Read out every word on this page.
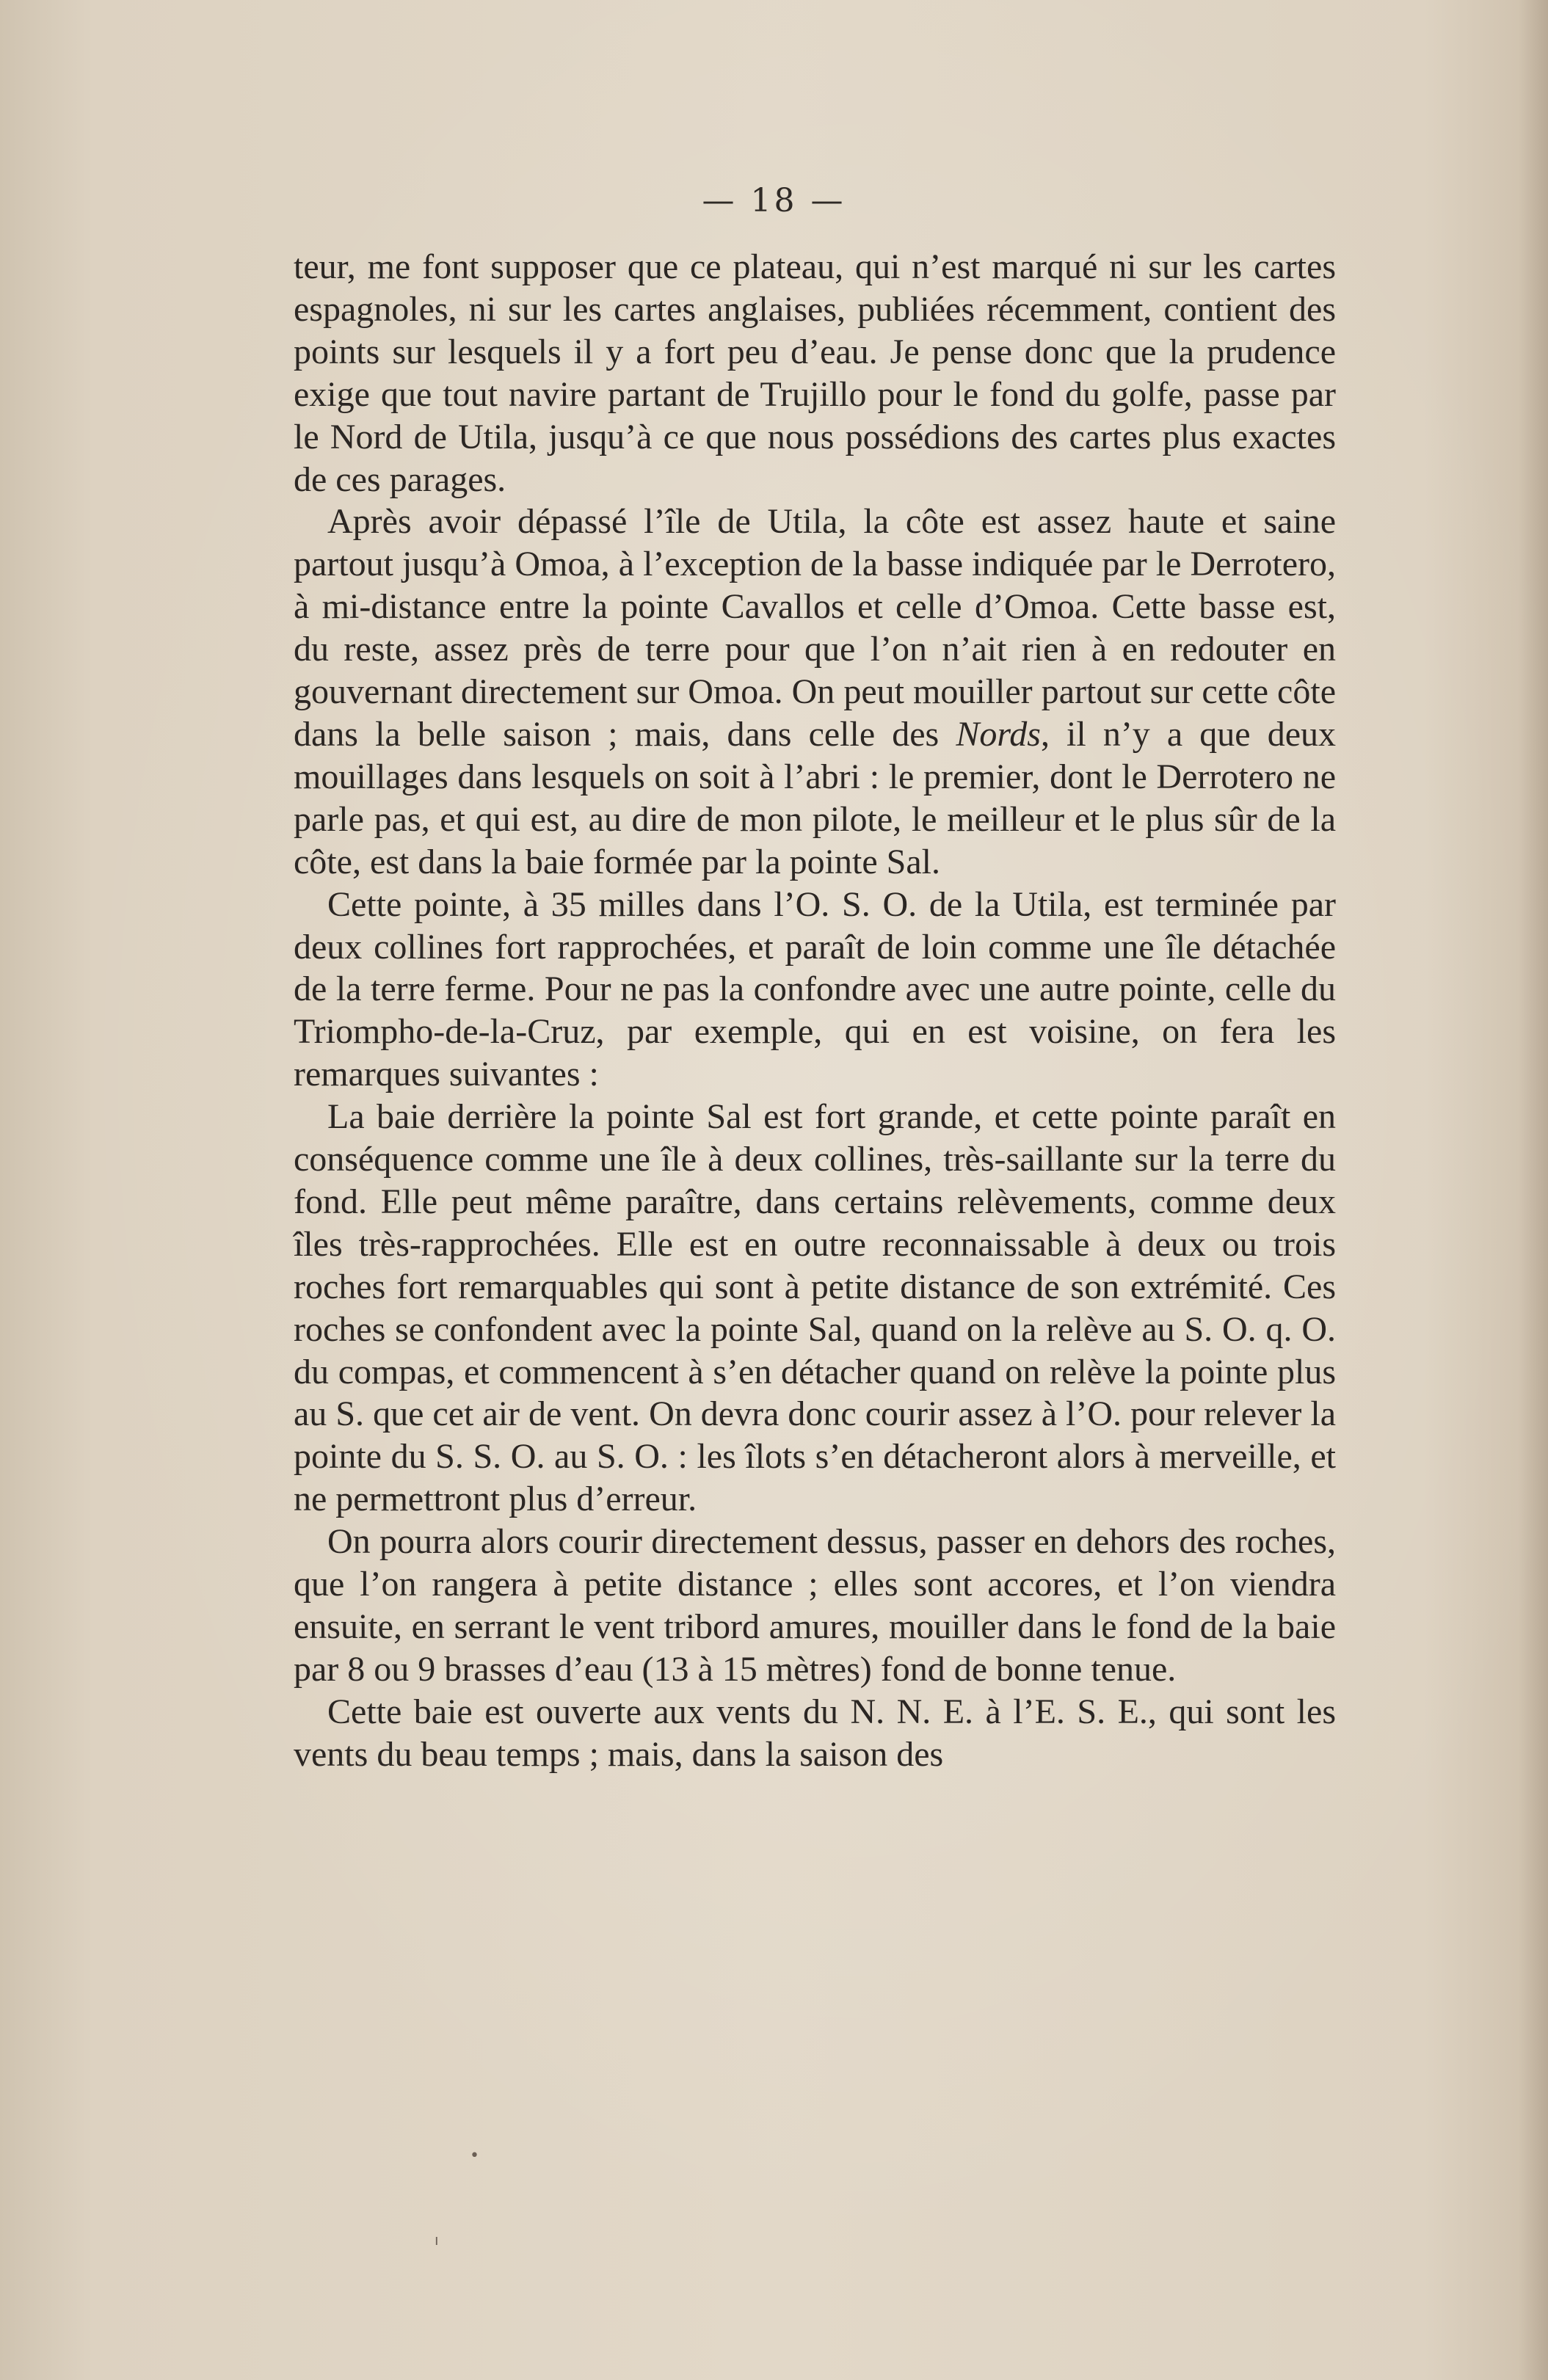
— 18 —

teur, me font supposer que ce plateau, qui n’est marqué ni sur les cartes espagnoles, ni sur les cartes anglaises, publiées récemment, contient des points sur lesquels il y a fort peu d’eau. Je pense donc que la prudence exige que tout navire partant de Trujillo pour le fond du golfe, passe par le Nord de Utila, jusqu’à ce que nous possédions des cartes plus exactes de ces parages.

Après avoir dépassé l’île de Utila, la côte est assez haute et saine partout jusqu’à Omoa, à l’exception de la basse indiquée par le Derrotero, à mi-distance entre la pointe Cavallos et celle d’Omoa. Cette basse est, du reste, assez près de terre pour que l’on n’ait rien à en redouter en gouvernant directement sur Omoa. On peut mouiller partout sur cette côte dans la belle saison ; mais, dans celle des Nords, il n’y a que deux mouillages dans lesquels on soit à l’abri : le premier, dont le Derrotero ne parle pas, et qui est, au dire de mon pilote, le meilleur et le plus sûr de la côte, est dans la baie formée par la pointe Sal.

Cette pointe, à 35 milles dans l’O. S. O. de la Utila, est terminée par deux collines fort rapprochées, et paraît de loin comme une île détachée de la terre ferme. Pour ne pas la confondre avec une autre pointe, celle du Triompho-de-la-Cruz, par exemple, qui en est voisine, on fera les remarques suivantes :

La baie derrière la pointe Sal est fort grande, et cette pointe paraît en conséquence comme une île à deux collines, très-saillante sur la terre du fond. Elle peut même paraître, dans certains relèvements, comme deux îles très-rapprochées. Elle est en outre reconnaissable à deux ou trois roches fort remarquables qui sont à petite distance de son extrémité. Ces roches se confondent avec la pointe Sal, quand on la relève au S. O. q. O. du compas, et commencent à s’en détacher quand on relève la pointe plus au S. que cet air de vent. On devra donc courir assez à l’O. pour relever la pointe du S. S. O. au S. O. : les îlots s’en détacheront alors à merveille, et ne permettront plus d’erreur.

On pourra alors courir directement dessus, passer en dehors des roches, que l’on rangera à petite distance ; elles sont accores, et l’on viendra ensuite, en serrant le vent tribord amures, mouiller dans le fond de la baie par 8 ou 9 brasses d’eau (13 à 15 mètres) fond de bonne tenue.

Cette baie est ouverte aux vents du N. N. E. à l’E. S. E., qui sont les vents du beau temps ; mais, dans la saison des

•
ı
